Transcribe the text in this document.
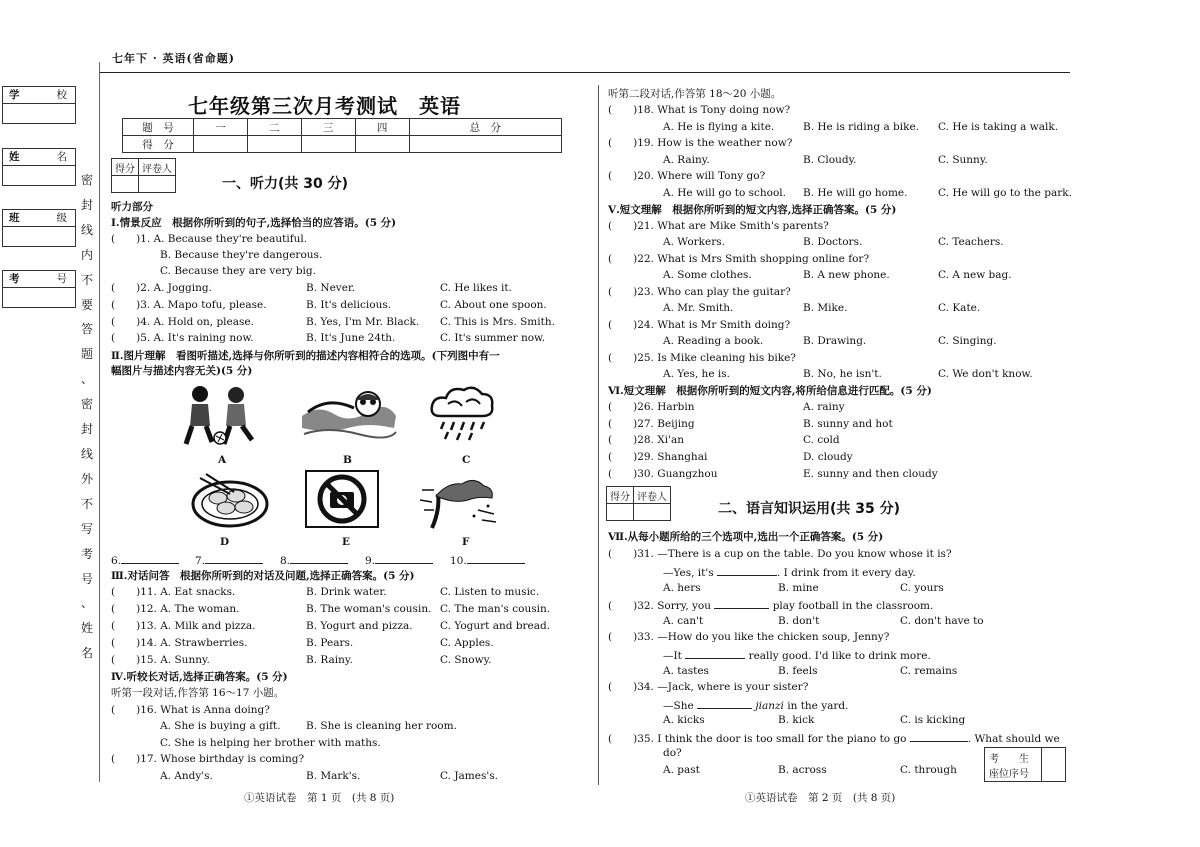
七年下 · 英语(省命题)
学	校
姓	名
班	级
考	号
密
封
线
内
不
要
答
题
、
密
封
线
外
不
写
考
号
、
姓
名
七年级第三次月考测试　英语
题　号	一	二	三	四	总　分
得　分					
得分	评卷人

一、听力(共 30 分)
听力部分
Ⅰ.情景反应　根据你所听到的句子,选择恰当的应答语。(5 分)
(　　)1. A. Because they're beautiful.
B. Because they're dangerous.
C. Because they are very big.
(　　)2. A. Jogging.	B. Never.	C. He likes it.
(　　)3. A. Mapo tofu, please.	B. It's delicious.	C. About one spoon.
(　　)4. A. Hold on, please.	B. Yes, I'm Mr. Black. C. This is Mrs. Smith.
(　　)5. A. It's raining now.	B. It's June 24th.	C. It's summer now.
Ⅱ.图片理解　看图听描述,选择与你所听到的描述内容相符合的选项。(下列图中有一
幅图片与描述内容无关)(5 分)
A	B	C
D	E	F
6.	7.	8.	9.	10.
Ⅲ.对话问答　根据你所听到的对话及问题,选择正确答案。(5 分)
(　　)11. A. Eat snacks.	B. Drink water.	C. Listen to music.
(　　)12. A. The woman.	B. The woman's cousin. C. The man's cousin.
(　　)13. A. Milk and pizza.	B. Yogurt and pizza.	C. Yogurt and bread.
(　　)14. A. Strawberries.	B. Pears.	C. Apples.
(　　)15. A. Sunny.	B. Rainy.	C. Snowy.
Ⅳ.听较长对话,选择正确答案。(5 分)
听第一段对话,作答第 16～17 小题。
(　　)16. What is Anna doing?
A. She is buying a gift. B. She is cleaning her room.
C. She is helping her brother with maths.
(　　)17. Whose birthday is coming?
A. Andy's.	B. Mark's.	C. James's.
①英语试卷　第 1 页　(共 8 页)
听第二段对话,作答第 18～20 小题。
(　　)18. What is Tony doing now?
A. He is flying a kite.	B. He is riding a bike. C. He is taking a walk.
(　　)19. How is the weather now?
A. Rainy.	B. Cloudy.	C. Sunny.
(　　)20. Where will Tony go?
A. He will go to school. B. He will go home.	C. He will go to the park.
Ⅴ.短文理解　根据你所听到的短文内容,选择正确答案。(5 分)
(　　)21. What are Mike Smith's parents?
A. Workers.	B. Doctors.	C. Teachers.
(　　)22. What is Mrs Smith shopping online for?
A. Some clothes.	B. A new phone.	C. A new bag.
(　　)23. Who can play the guitar?
A. Mr. Smith.	B. Mike.	C. Kate.
(　　)24. What is Mr Smith doing?
A. Reading a book.	B. Drawing.	C. Singing.
(　　)25. Is Mike cleaning his bike?
A. Yes, he is.	B. No, he isn't.	C. We don't know.
Ⅵ.短文理解　根据你所听到的短文内容,将所给信息进行匹配。(5 分)
(　　)26. Harbin	A. rainy
(　　)27. Beijing	B. sunny and hot
(　　)28. Xi'an	C. cold
(　　)29. Shanghai	D. cloudy
(　　)30. Guangzhou	E. sunny and then cloudy
得分	评卷人

二、语言知识运用(共 35 分)
Ⅶ.从每小题所给的三个选项中,选出一个正确答案。(5 分)
(　　)31. —There is a cup on the table. Do you know whose it is?
—Yes, it's	. I drink from it every day.
A. hers	B. mine	C. yours
(　　)32. Sorry, you	play football in the classroom.
A. can't	B. don't	C. don't have to
(　　)33. —How do you like the chicken soup, Jenny?
—It	really good. I'd like to drink more.
A. tastes	B. feels	C. remains
(　　)34. —Jack, where is your sister?
—She	jianzi in the yard.
A. kicks	B. kick	C. is kicking
(　　)35. I think the door is too small for the piano to go	. What should we
do?
A. past	B. across	C. through
考　　生
座位序号
①英语试卷　第 2 页　(共 8 页)
